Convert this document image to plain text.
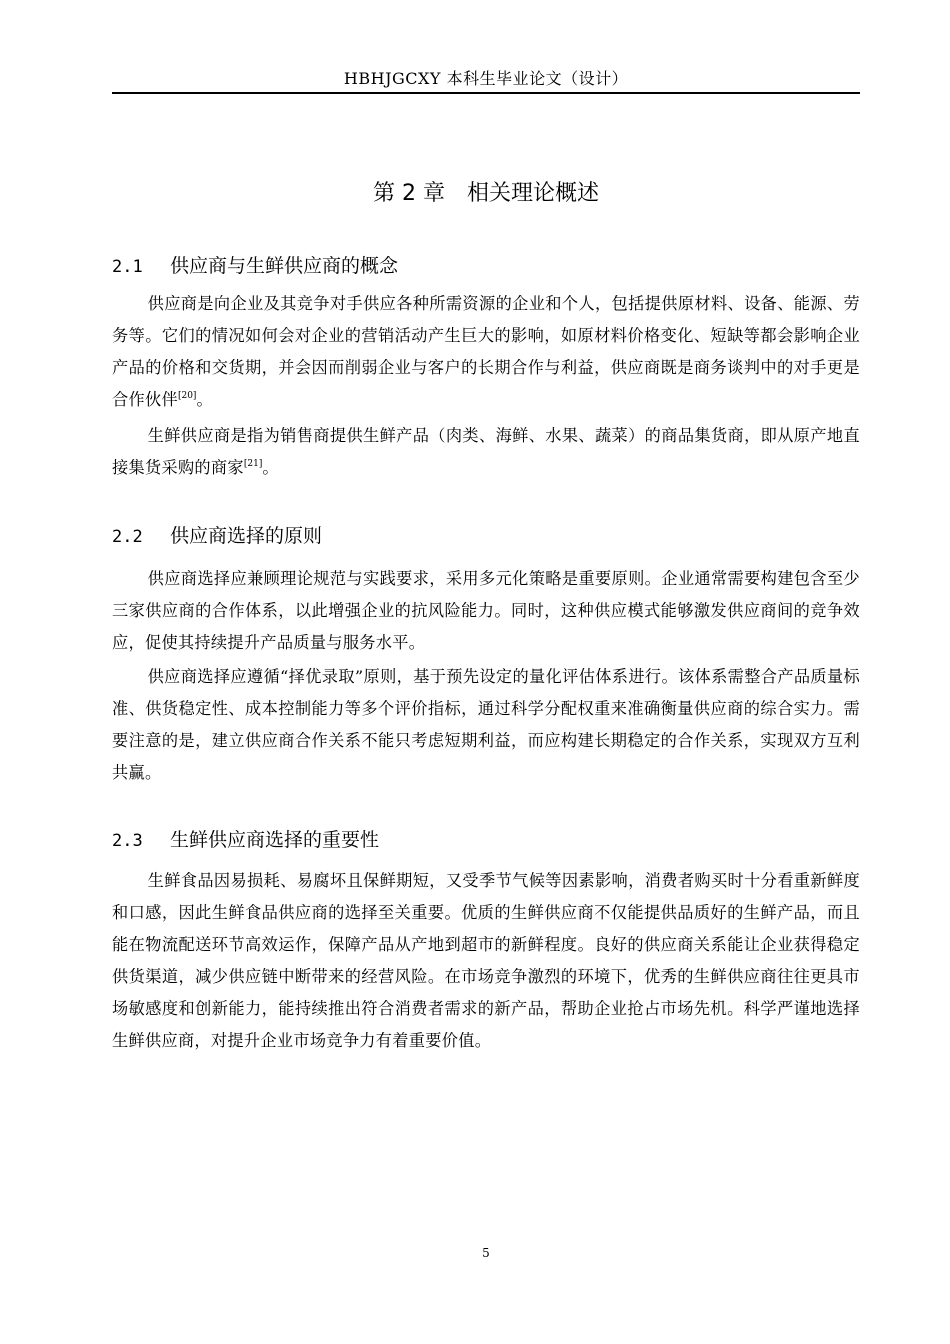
HBHJGCXY 本科生毕业论文（设计）
第 2 章 相关理论概述
2.1 供应商与生鲜供应商的概念
供应商是向企业及其竞争对手供应各种所需资源的企业和个人，包括提供原材料、设备、能源、劳务等。它们的情况如何会对企业的营销活动产生巨大的影响，如原材料价格变化、短缺等都会影响企业产品的价格和交货期，并会因而削弱企业与客户的长期合作与利益，供应商既是商务谈判中的对手更是合作伙伴[20]。
生鲜供应商是指为销售商提供生鲜产品（肉类、海鲜、水果、蔬菜）的商品集货商，即从原产地直接集货采购的商家[21]。
2.2 供应商选择的原则
供应商选择应兼顾理论规范与实践要求，采用多元化策略是重要原则。企业通常需要构建包含至少三家供应商的合作体系，以此增强企业的抗风险能力。同时，这种供应模式能够激发供应商间的竞争效应，促使其持续提升产品质量与服务水平。
供应商选择应遵循“择优录取”原则，基于预先设定的量化评估体系进行。该体系需整合产品质量标准、供货稳定性、成本控制能力等多个评价指标，通过科学分配权重来准确衡量供应商的综合实力。需要注意的是，建立供应商合作关系不能只考虑短期利益，而应构建长期稳定的合作关系，实现双方互利共赢。
2.3 生鲜供应商选择的重要性
生鲜食品因易损耗、易腐坏且保鲜期短，又受季节气候等因素影响，消费者购买时十分看重新鲜度和口感，因此生鲜食品供应商的选择至关重要。优质的生鲜供应商不仅能提供品质好的生鲜产品，而且能在物流配送环节高效运作，保障产品从产地到超市的新鲜程度。良好的供应商关系能让企业获得稳定供货渠道，减少供应链中断带来的经营风险。在市场竞争激烈的环境下，优秀的生鲜供应商往往更具市场敏感度和创新能力，能持续推出符合消费者需求的新产品，帮助企业抢占市场先机。科学严谨地选择生鲜供应商，对提升企业市场竞争力有着重要价值。
5
